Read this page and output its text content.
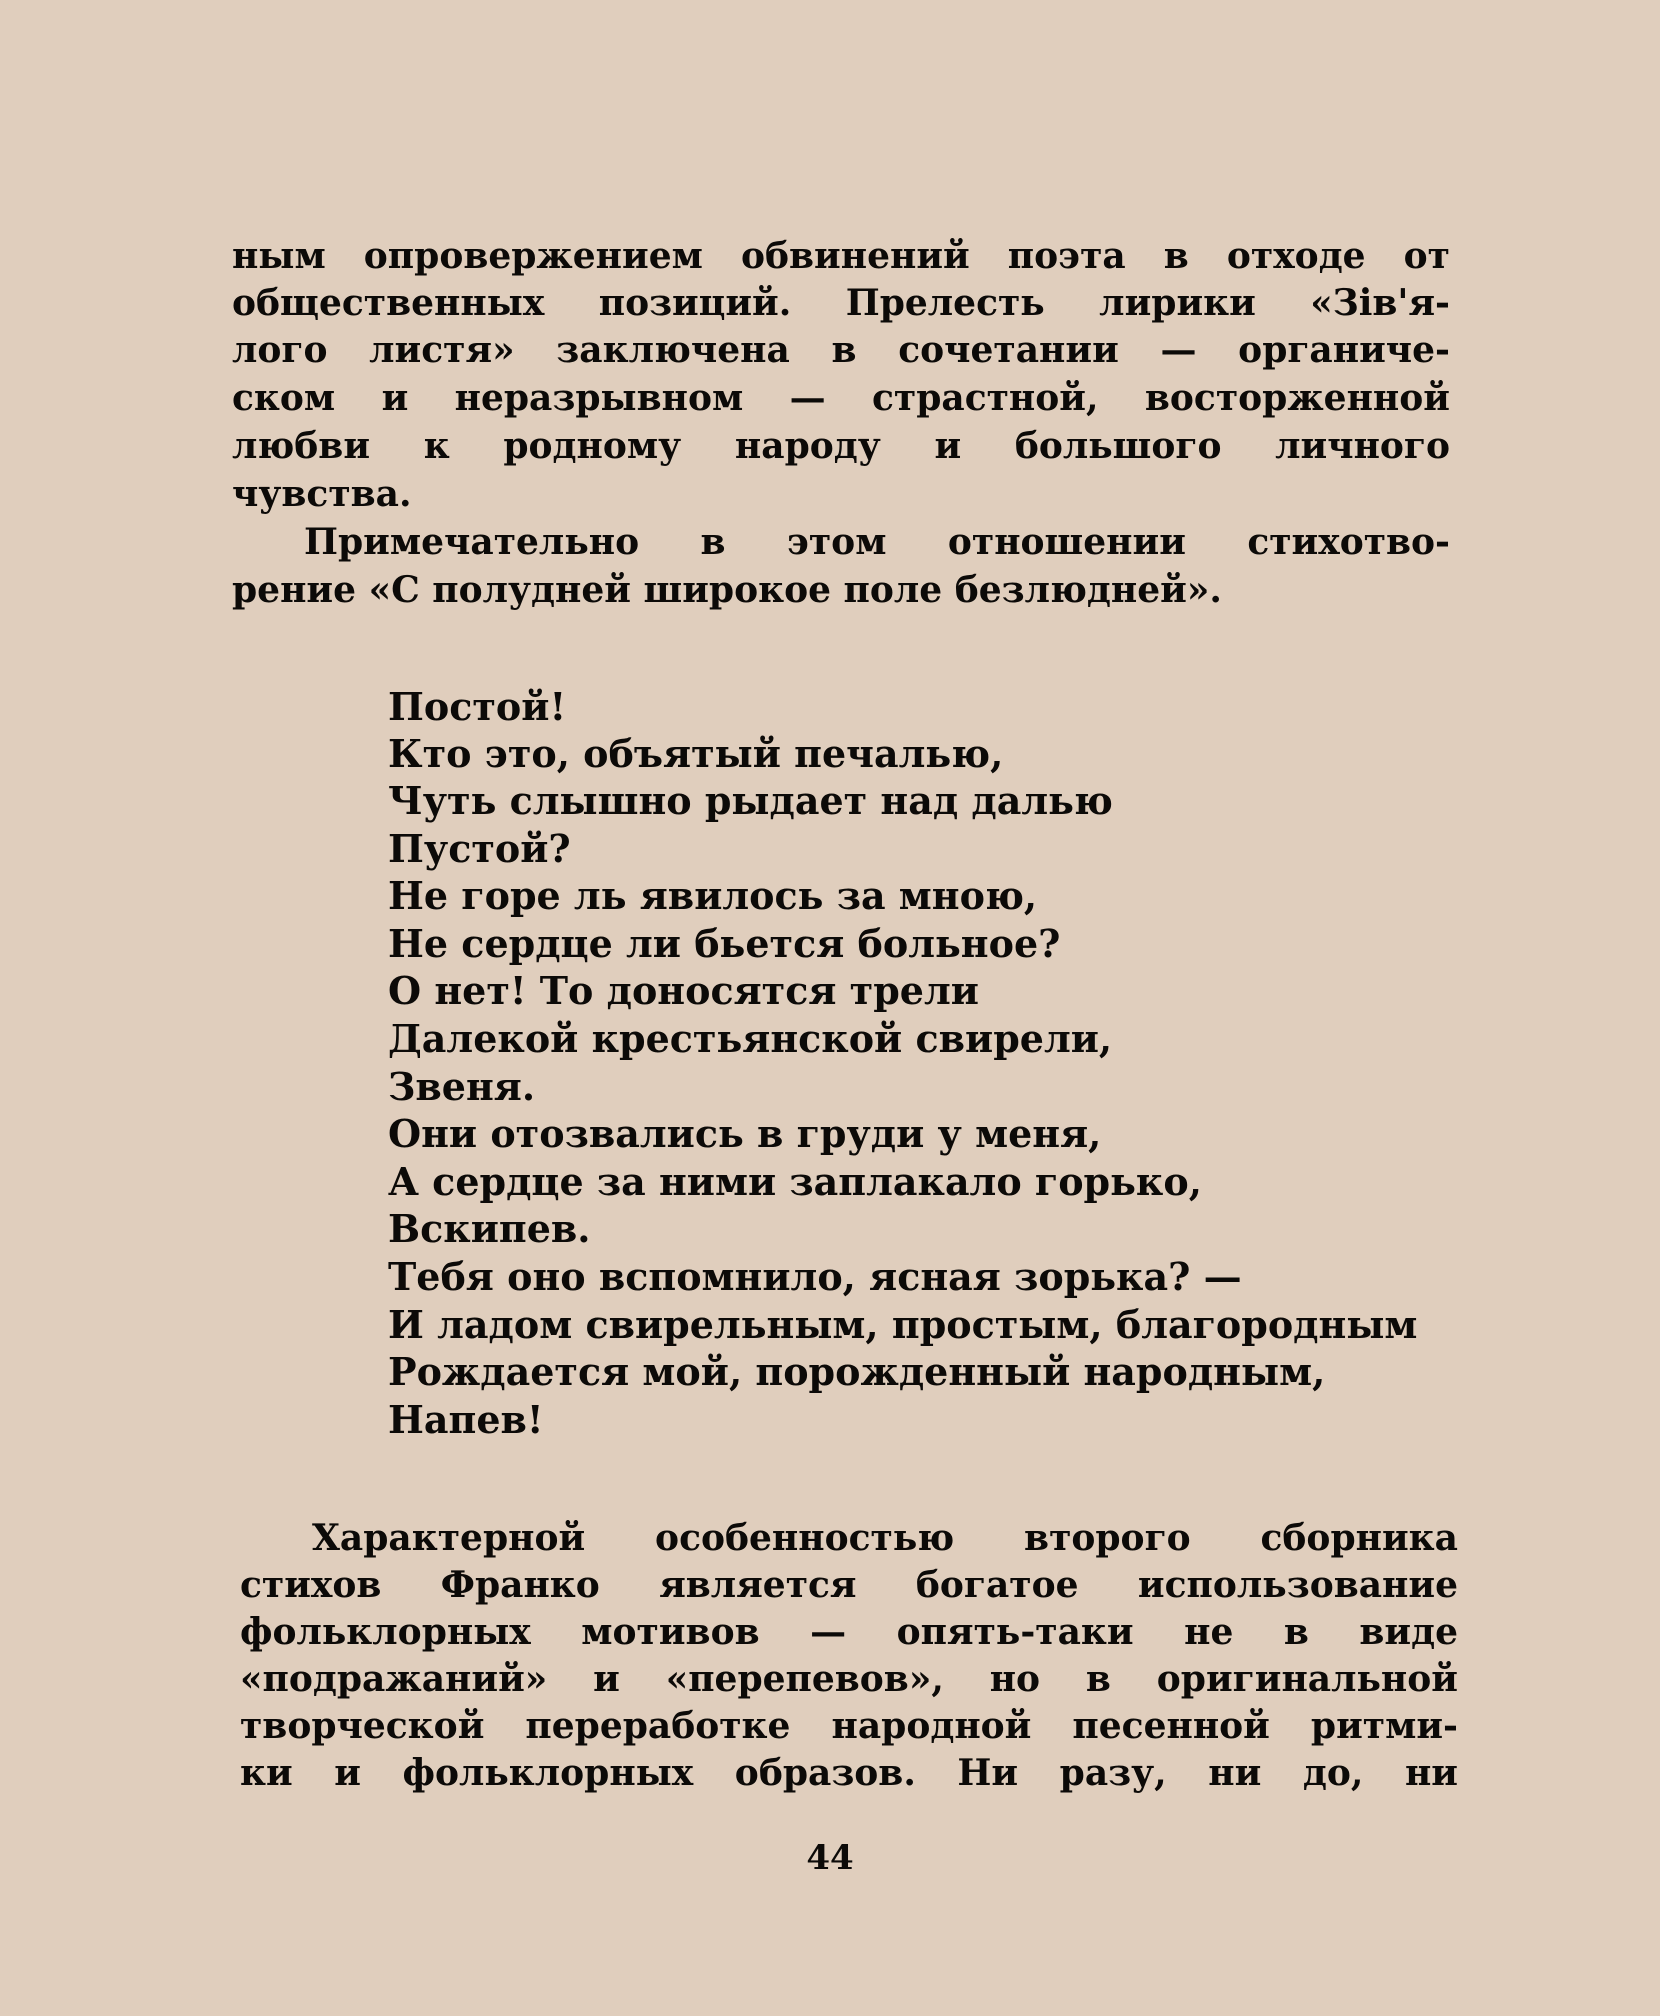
ным опровержением обвинений поэта в отходе от
общественных позиций. Прелесть лирики «Зів'я-
лого листя» заключена в сочетании — органиче-
ском и неразрывном — страстной, восторженной
любви к родному народу и большого личного
чувства.
Примечательно в этом отношении стихотво-
рение «С полудней широкое поле безлюдней».
Постой!
Кто это, объятый печалью,
Чуть слышно рыдает над далью
Пустой?
Не горе ль явилось за мною,
Не сердце ли бьется больное?
О нет! То доносятся трели
Далекой крестьянской свирели,
Звеня.
Они отозвались в груди у меня,
А сердце за ними заплакало горько,
Вскипев.
Тебя оно вспомнило, ясная зорька? —
И ладом свирельным, простым, благородным
Рождается мой, порожденный народным,
Напев!
Характерной особенностью второго сборника
стихов Франко является богатое использование
фольклорных мотивов — опять-таки не в виде
«подражаний» и «перепевов», но в оригинальной
творческой переработке народной песенной ритми-
ки и фольклорных образов. Ни разу, ни до, ни
44
